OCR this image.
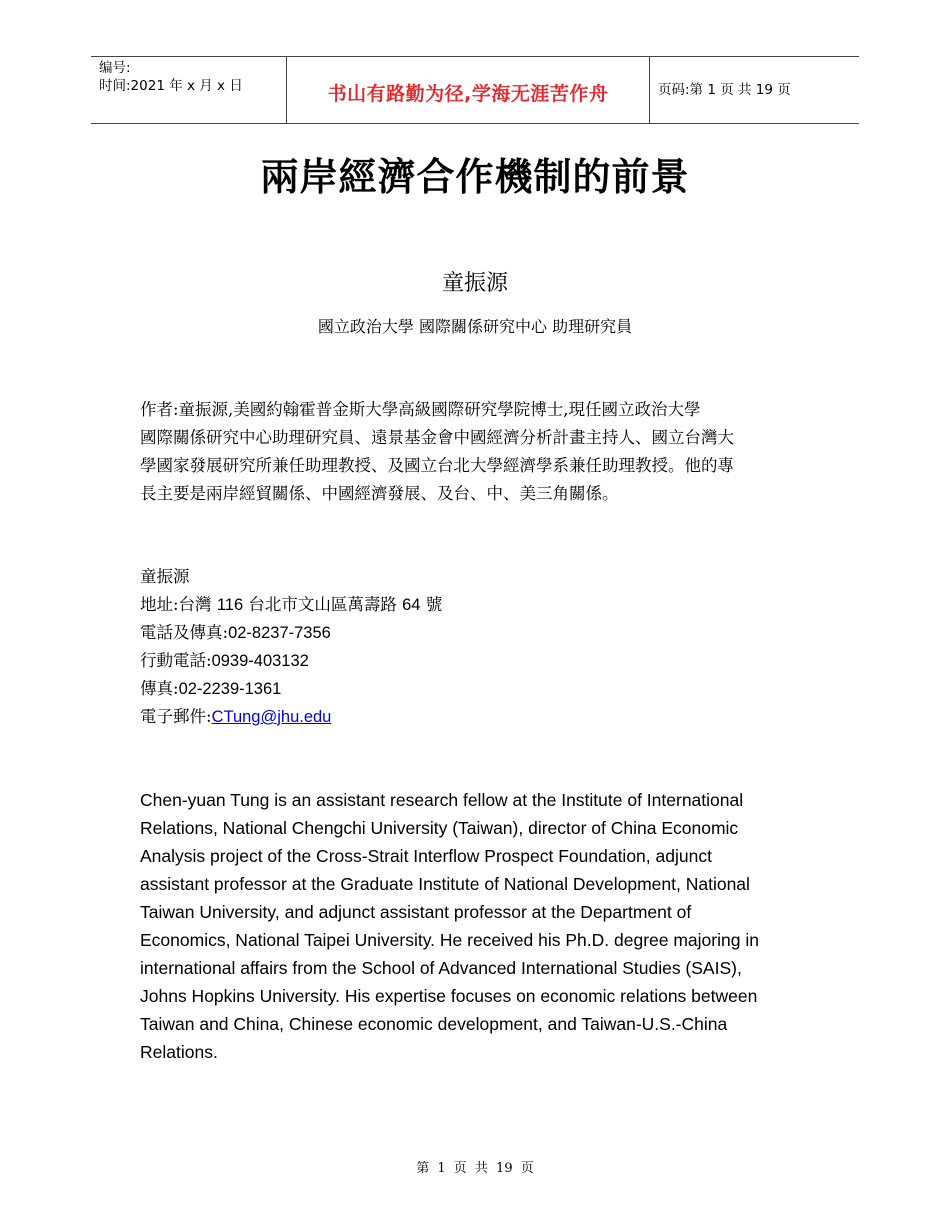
编号:
时间:2021 年 x 月 x 日	书山有路勤为径,学海无涯苦作舟	页码:第 1 页 共 19 页
兩岸經濟合作機制的前景
童振源
國立政治大學 國際關係研究中心 助理研究員
作者:童振源,美國約翰霍普金斯大學高級國際研究學院博士,現任國立政治大學
國際關係研究中心助理研究員、遠景基金會中國經濟分析計畫主持人、國立台灣大
學國家發展研究所兼任助理教授、及國立台北大學經濟學系兼任助理教授。他的專
長主要是兩岸經貿關係、中國經濟發展、及台、中、美三角關係。
童振源
地址:台灣 116 台北市文山區萬壽路 64 號
電話及傳真:02-8237-7356
行動電話:0939-403132
傳真:02-2239-1361
電子郵件:CTung@jhu.edu
Chen-yuan Tung is an assistant research fellow at the Institute of International
Relations, National Chengchi University (Taiwan), director of China Economic
Analysis project of the Cross-Strait Interflow Prospect Foundation, adjunct
assistant professor at the Graduate Institute of National Development, National
Taiwan University, and adjunct assistant professor at the Department of
Economics, National Taipei University. He received his Ph.D. degree majoring in
international affairs from the School of Advanced International Studies (SAIS),
Johns Hopkins University. His expertise focuses on economic relations between
Taiwan and China, Chinese economic development, and Taiwan-U.S.-China
Relations.
第 1 页 共 19 页
